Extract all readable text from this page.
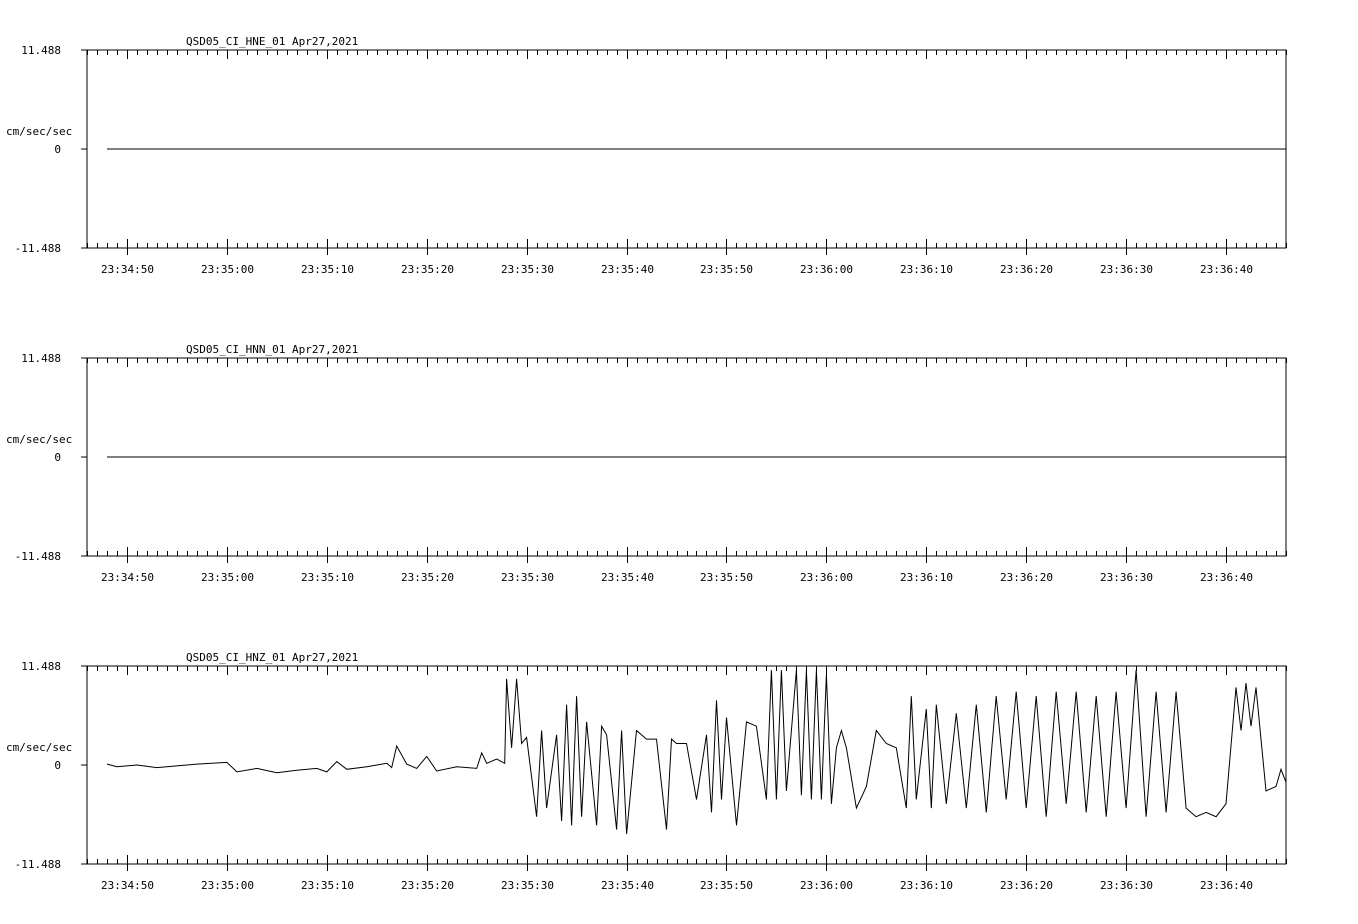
QSD05_CI_HNE_01 Apr27,2021
cm/sec/sec
11.488
0
-11.488
23:34:50	23:35:00	23:35:10	23:35:20	23:35:30	23:35:40	23:35:50	23:36:00	23:36:10	23:36:20	23:36:30	23:36:40
QSD05_CI_HNN_01 Apr27,2021
cm/sec/sec
11.488
0
-11.488
23:34:50	23:35:00	23:35:10	23:35:20	23:35:30	23:35:40	23:35:50	23:36:00	23:36:10	23:36:20	23:36:30	23:36:40
QSD05_CI_HNZ_01 Apr27,2021
cm/sec/sec
11.488
0
-11.488
23:34:50	23:35:00	23:35:10	23:35:20	23:35:30	23:35:40	23:35:50	23:36:00	23:36:10	23:36:20	23:36:30	23:36:40
